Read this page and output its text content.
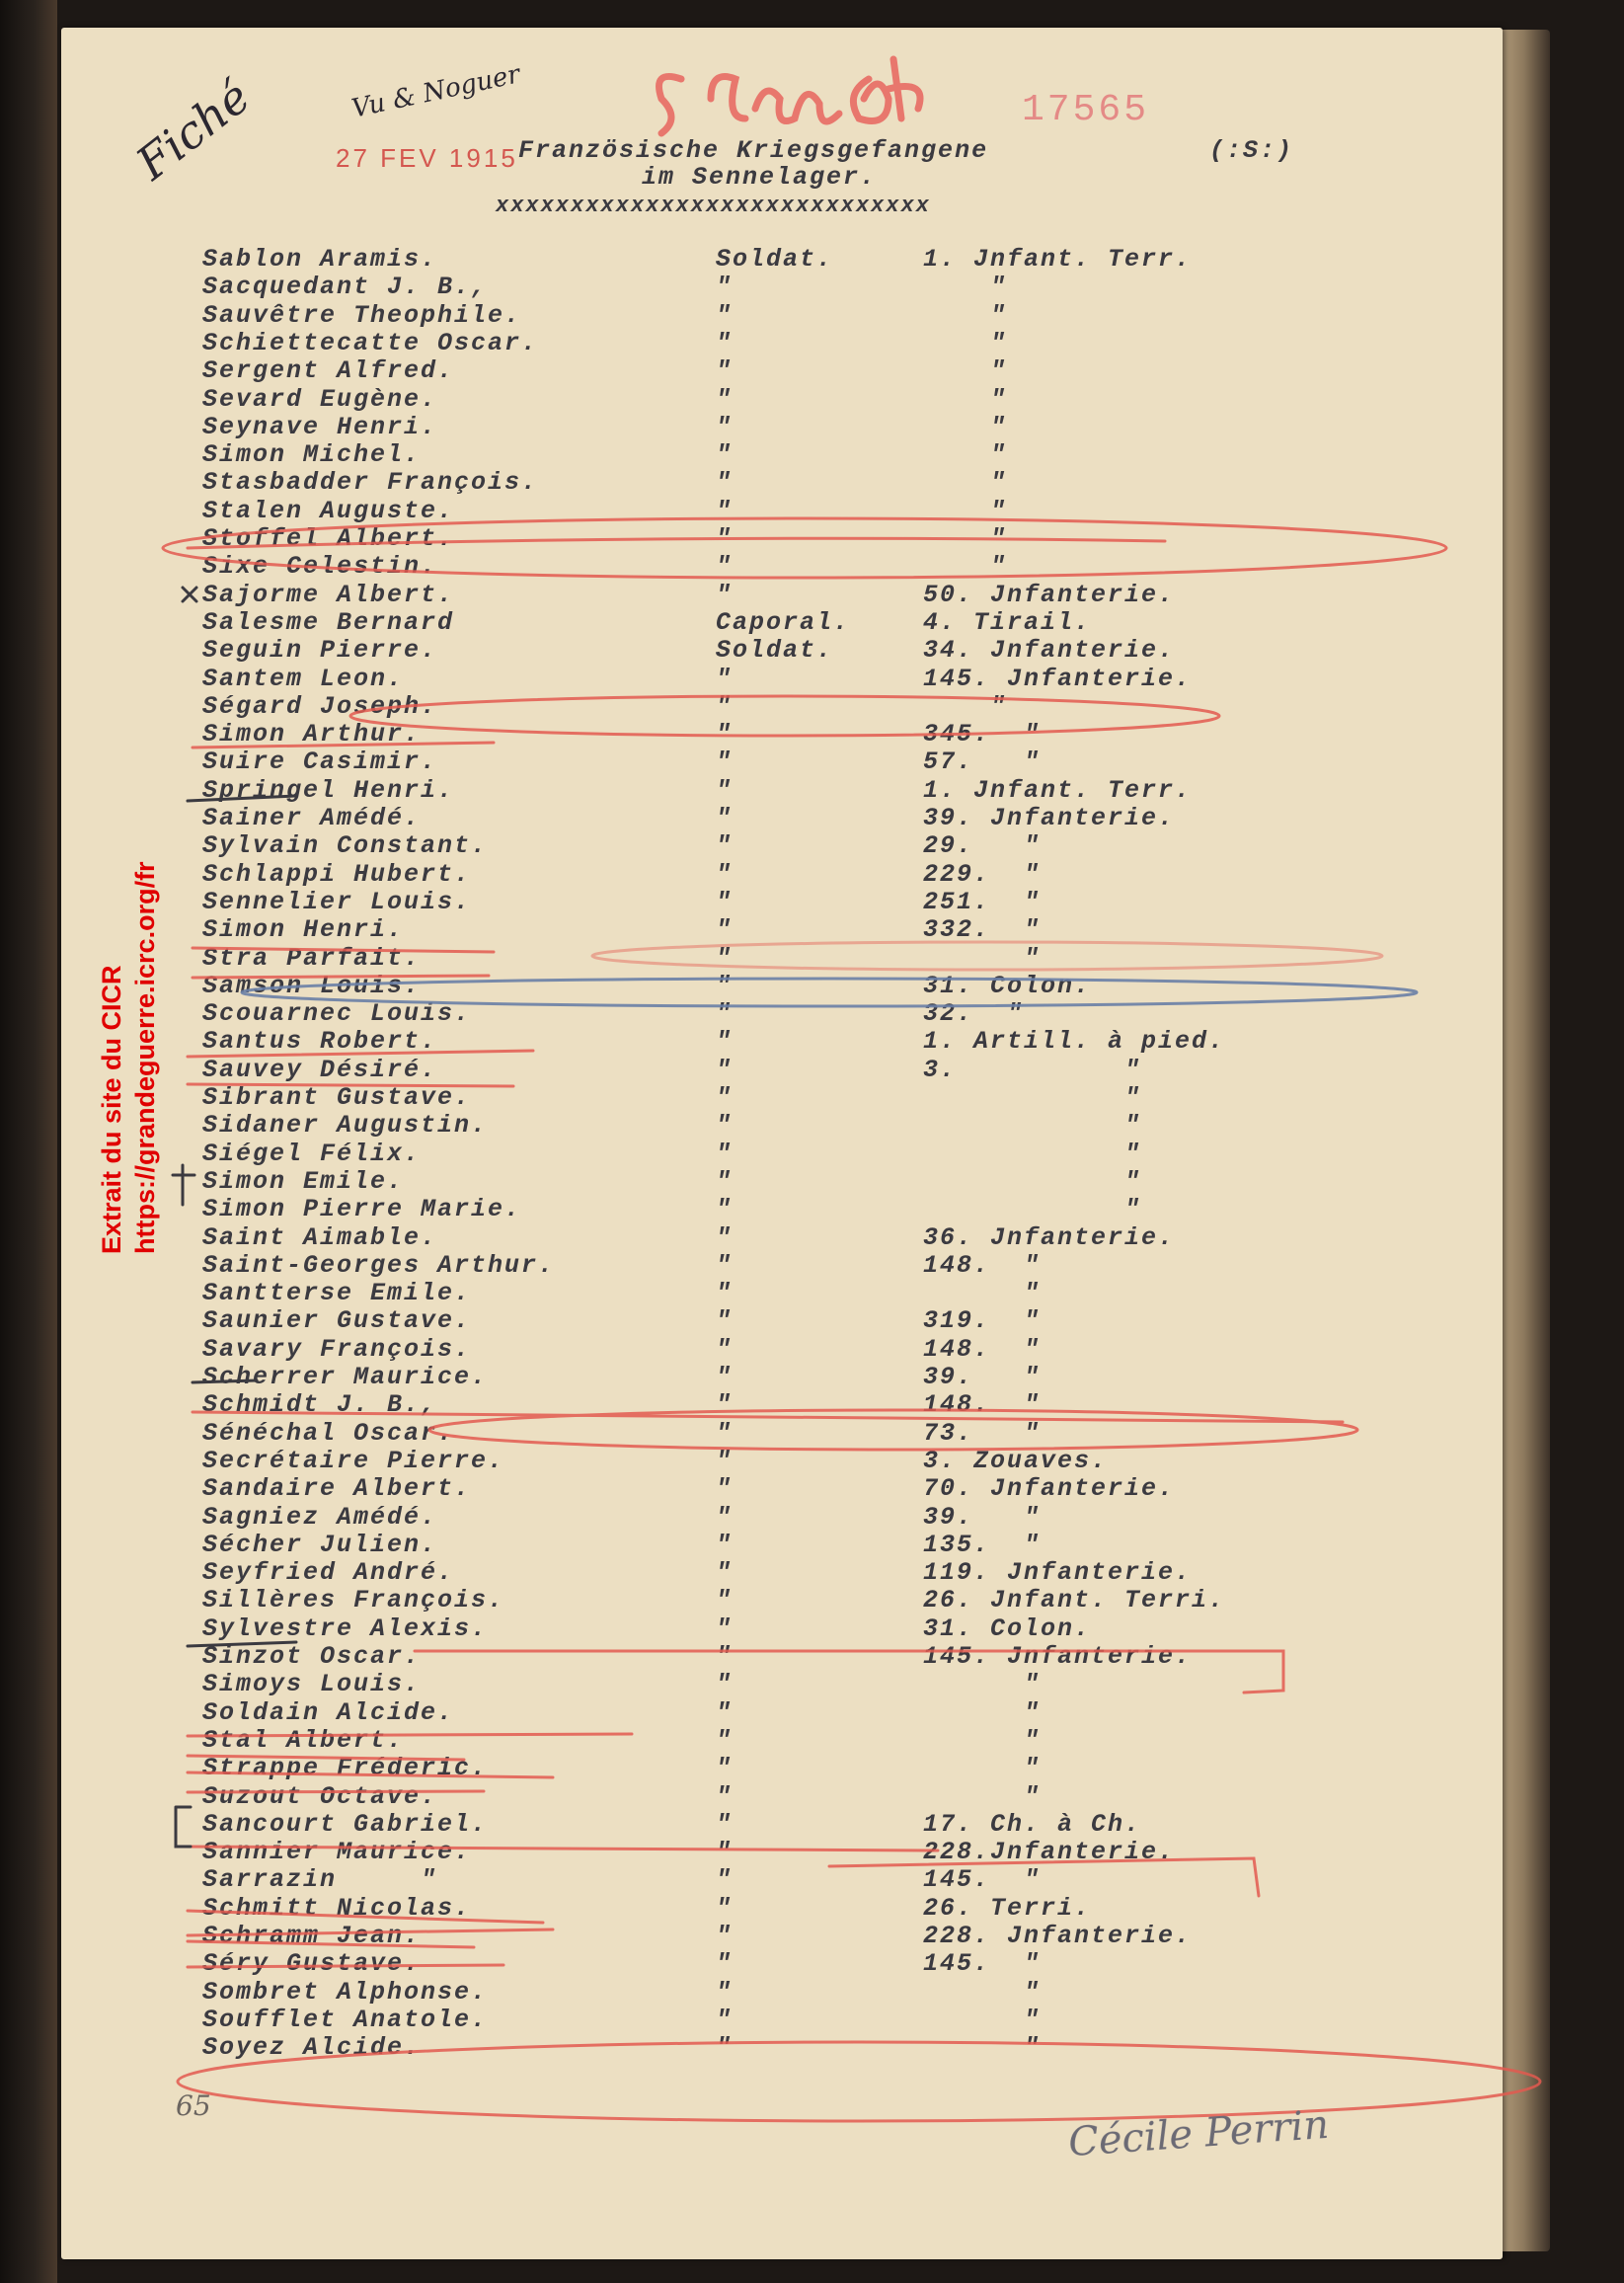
Extrait du site du CICR https://grandeguerre.icrc.org/fr
Fiché	Vu & Noguer
27 FEV 1915
17565
Französische Kriegsgefangene
im Sennelager.
(:S:)
xxxxxxxxxxxxxxxxxxxxxxxxxxxxx
Sablon Aramis.	Soldat.	1. Jnfant. Terr.
Sacquedant J. B.,	"	"
Sauvêtre Theophile.	"	"
Schiettecatte Oscar.	"	"
Sergent Alfred.	"	"
Sevard Eugène.	"	"
Seynave Henri.	"	"
Simon Michel.	"	"
Stasbadder François.	"	"
Stalen Auguste.	"	"
Stoffel Albert.	"	"
Sixe Celestin.	"	"
Sajorme Albert.	"	50. Jnfanterie.
Salesme Bernard	Caporal.	4. Tirail.
Seguin Pierre.	Soldat.	34. Jnfanterie.
Santem Leon.	"	145. Jnfanterie.
Ségard Joseph.	"	"
Simon Arthur.	"	345.  "
Suire Casimir.	"	57.   "
Springel Henri.	"	1. Jnfant. Terr.
Sainer Amédé.	"	39. Jnfanterie.
Sylvain Constant.	"	29.   "
Schlappi Hubert.	"	229.  "
Sennelier Louis.	"	251.  "
Simon Henri.	"	332.  "
Stra Parfait.	"	"
Samson Louis.	"	31. Colon.
Scouarnec Louis.	"	32.  "
Santus Robert.	"	1. Artill. à pied.
Sauvey Désiré.	"	3.          "
Sibrant Gustave.	"	"
Sidaner Augustin.	"	"
Siégel Félix.	"	"
Simon Emile.	"	"
Simon Pierre Marie.	"	"
Saint Aimable.	"	36. Jnfanterie.
Saint-Georges Arthur.	"	148.  "
Santterse Emile.	"	"
Saunier Gustave.	"	319.  "
Savary François.	"	148.  "
Scherrer Maurice.	"	39.   "
Schmidt J. B.,	"	148.  "
Sénéchal Oscar.	"	73.   "
Secrétaire Pierre.	"	3. Zouaves.
Sandaire Albert.	"	70. Jnfanterie.
Sagniez Amédé.	"	39.   "
Sécher Julien.	"	135.  "
Seyfried André.	"	119. Jnfanterie.
Sillères François.	"	26. Jnfant. Terri.
Sylvestre Alexis.	"	31. Colon.
Sinzot Oscar.	"	145. Jnfanterie.
Simoys Louis.	"	"
Soldain Alcide.	"	"
Stal Albert.	"	"
Strappe Fréderic.	"	"
Suzout Octave.	"	"
Sancourt Gabriel.	"	17. Ch. à Ch.
Sannier Maurice.	"	228.Jnfanterie.
Sarrazin     "	"	145.  "
Schmitt Nicolas.	"	26. Terri.
Schramm Jean.	"	228. Jnfanterie.
Séry Gustave.	"	145.  "
Sombret Alphonse.	"	"
Soufflet Anatole.	"	"
Soyez Alcide.	"	"
65	Cécile Perrin
